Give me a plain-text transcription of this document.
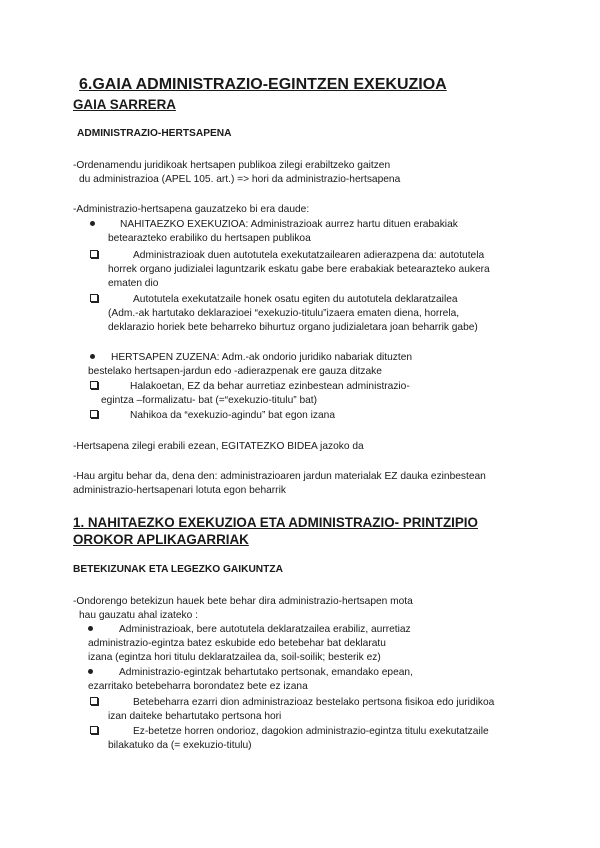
6.GAIA ADMINISTRAZIO-EGINTZEN EXEKUZIOA
GAIA SARRERA
ADMINISTRAZIO-HERTSAPENA
-Ordenamendu juridikoak hertsapen publikoa zilegi erabiltzeko gaitzen
du administrazioa (APEL 105. art.) => hori da administrazio-hertsapena
-Administrazio-hertsapena gauzatzeko bi era daude:
NAHITAEZKO EXEKUZIOA: Administrazioak aurrez hartu dituen erabakiak
betearazteko erabiliko du hertsapen publikoa
Administrazioak duen autotutela exekutatzailearen adierazpena da: autotutela
horrek organo judizialei laguntzarik eskatu gabe bere erabakiak betearazteko aukera
ematen dio
Autotutela exekutatzaile honek osatu egiten du autotutela deklaratzailea
(Adm.-ak hartutako deklarazioei “exekuzio-titulu”izaera ematen diena, horrela,
deklarazio horiek bete beharreko bihurtuz organo judizialetara joan beharrik gabe)
HERTSAPEN ZUZENA: Adm.-ak ondorio juridiko nabariak dituzten
bestelako hertsapen-jardun edo -adierazpenak ere gauza ditzake
Halakoetan, EZ da behar aurretiaz ezinbestean administrazio-
egintza –formalizatu- bat (=“exekuzio-titulu” bat)
Nahikoa da “exekuzio-agindu” bat egon izana
-Hertsapena zilegi erabili ezean, EGITATEZKO BIDEA jazoko da
-Hau argitu behar da, dena den: administrazioaren jardun materialak EZ dauka ezinbestean
administrazio-hertsapenari lotuta egon beharrik
1. NAHITAEZKO EXEKUZIOA ETA ADMINISTRAZIO- PRINTZIPIO
OROKOR APLIKAGARRIAK
BETEKIZUNAK ETA LEGEZKO GAIKUNTZA
-Ondorengo betekizun hauek bete behar dira administrazio-hertsapen mota
hau gauzatu ahal izateko :
Administrazioak, bere autotutela deklaratzailea erabiliz, aurretiaz
administrazio-egintza batez eskubide edo betebehar bat deklaratu
izana (egintza hori titulu deklaratzailea da, soil-soilik; besterik ez)
Administrazio-egintzak behartutako pertsonak, emandako epean,
ezarritako betebeharra borondatez bete ez izana
Betebeharra ezarri dion administrazioaz bestelako pertsona fisikoa edo juridikoa
izan daiteke behartutako pertsona hori
Ez-betetze horren ondorioz, dagokion administrazio-egintza titulu exekutatzaile
bilakatuko da (= exekuzio-titulu)
